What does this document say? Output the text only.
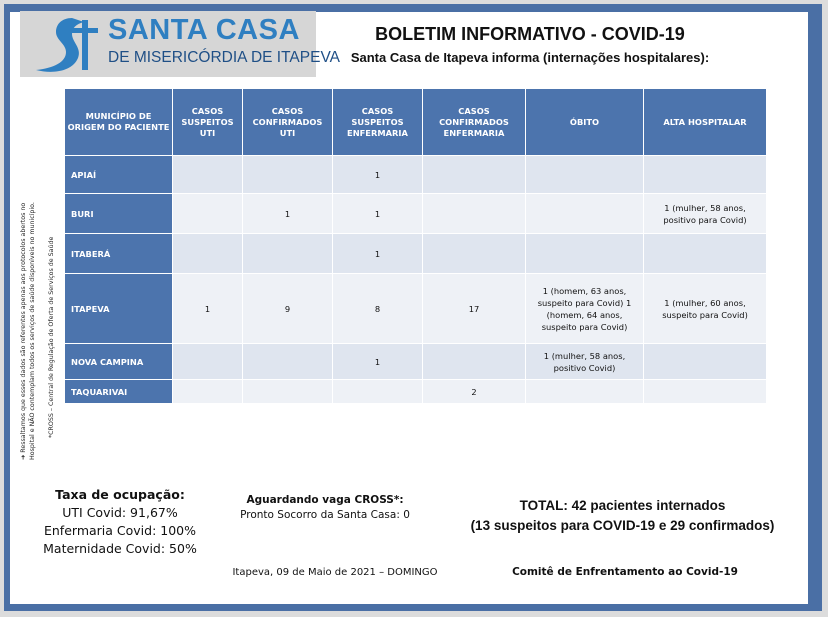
SANTA CASA
DE MISERICÓRDIA DE ITAPEVA
BOLETIM INFORMATIVO - COVID-19
Santa Casa de Itapeva informa (internações hospitalares):
➜ Ressaltamos que esses dados são referentes apenas aos protocolos abertos no Hospital e NÃO contemplam todos os serviços de saúde disponíveis no município. *CROSS – Central de Regulação de Oferta de Serviços de Saúde
MUNICÍPIO DE ORIGEM DO PACIENTE	CASOS SUSPEITOS UTI	CASOS CONFIRMADOS UTI	CASOS SUSPEITOS ENFERMARIA	CASOS CONFIRMADOS ENFERMARIA	ÓBITO	ALTA HOSPITALAR
APIAÍ			1			
BURI		1	1			1 (mulher, 58 anos, positivo para Covid)
ITABERÁ			1			
ITAPEVA	1	9	8	17	1 (homem, 63 anos, suspeito para Covid) 1 (homem, 64 anos, suspeito para Covid)	1 (mulher, 60 anos, suspeito para Covid)
NOVA CAMPINA			1		1 (mulher, 58 anos, positivo Covid)	
TAQUARIVAI				2		
Taxa de ocupação:
UTI Covid: 91,67%
Enfermaria Covid: 100%
Maternidade Covid: 50%
Aguardando vaga CROSS*:
Pronto Socorro da Santa Casa: 0
TOTAL: 42 pacientes internados
(13 suspeitos para COVID-19 e 29 confirmados)
Itapeva, 09 de Maio de 2021 – DOMINGO	Comitê de Enfrentamento ao Covid-19
